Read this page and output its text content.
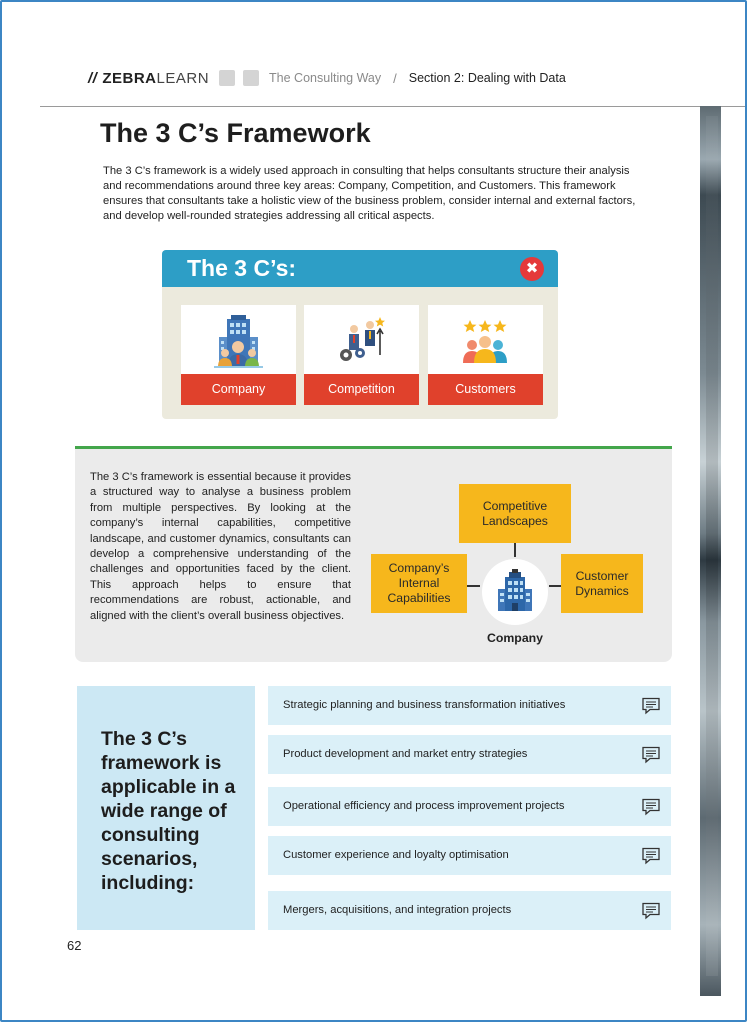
// ZEBRA LEARN	The Consulting Way / Section 2: Dealing with Data
The 3 C’s Framework

The 3 C’s framework is a widely used approach in consulting that helps consultants structure their analysis and recommendations around three key areas: Company, Competition, and Customers. This framework ensures that consultants take a holistic view of the business problem, consider internal and external factors, and develop well-rounded strategies addressing all critical aspects.

The 3 C’s:	✖
Company	Competition	Customers

The 3 C’s framework is essential because it provides a structured way to analyse a business problem from multiple perspectives. By looking at the company’s internal capabilities, competitive landscape, and customer dynamics, consultants can develop a comprehensive understanding of the challenges and opportunities faced by the client. This approach helps to ensure that recommendations are robust, actionable, and aligned with the client’s overall business objectives.

Competitive Landscapes
Company’s Internal Capabilities
Customer Dynamics
Company
The 3 C’s framework is applicable in a wide range of consulting scenarios, including:
Strategic planning and business transformation initiatives
Product development and market entry strategies
Operational efficiency and process improvement projects
Customer experience and loyalty optimisation
Mergers, acquisitions, and integration projects
62
